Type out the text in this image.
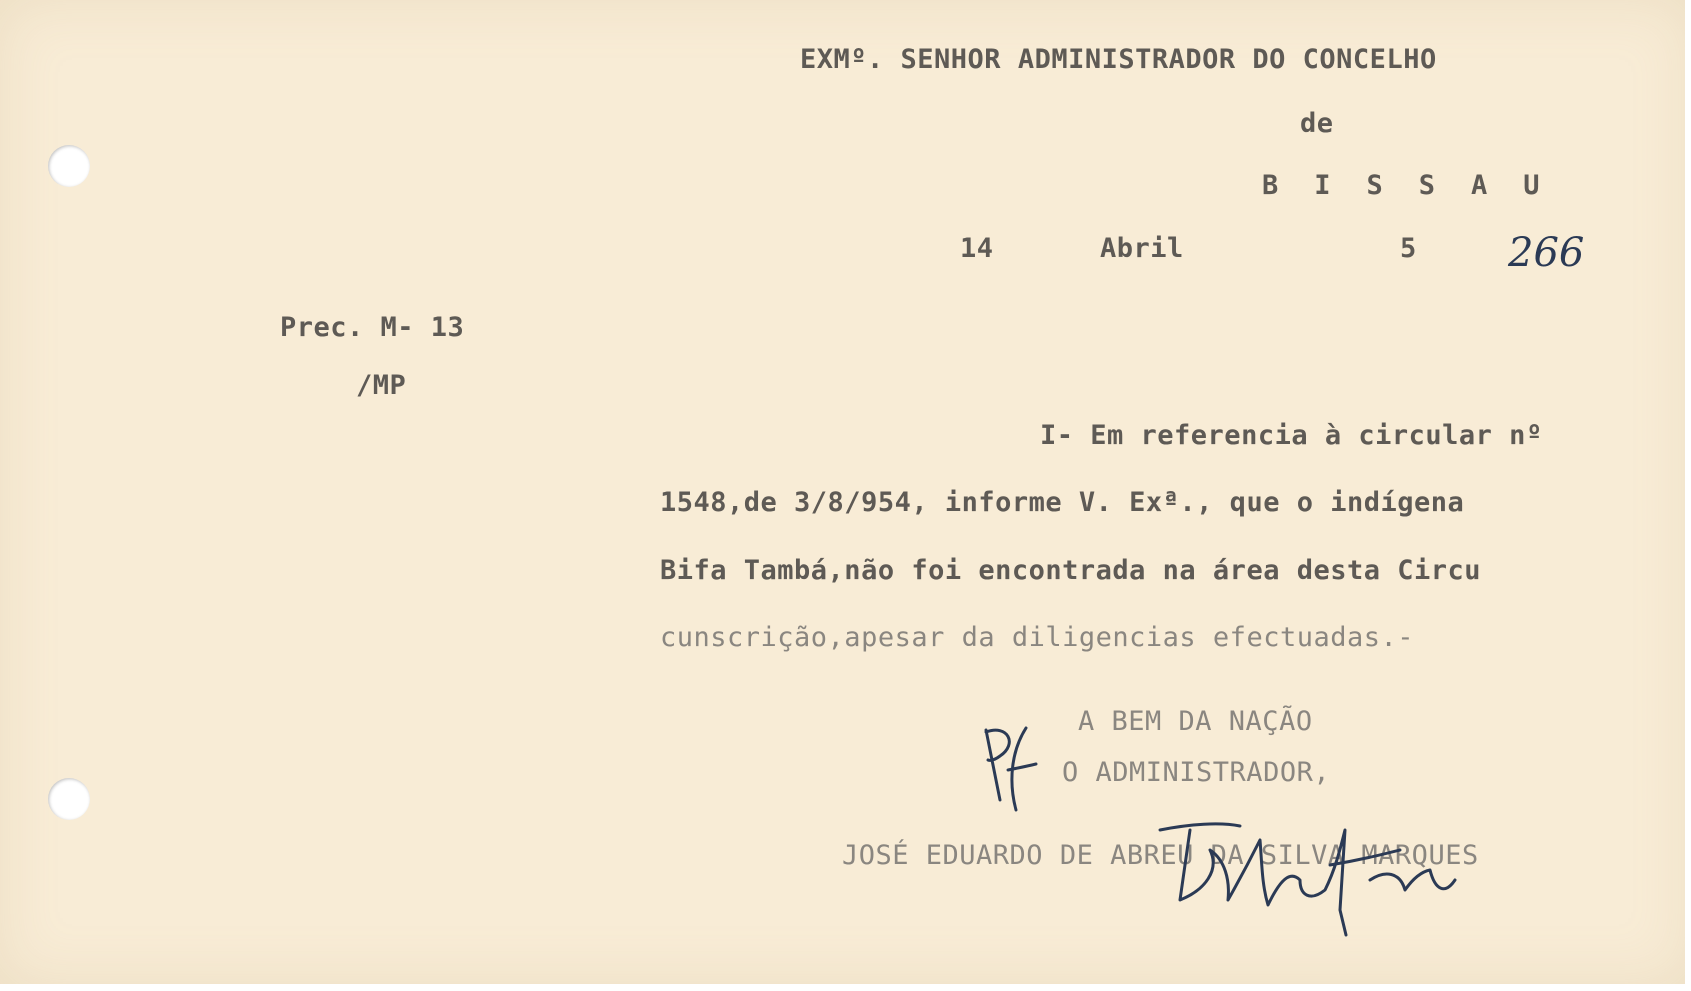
EXMº. SENHOR ADMINISTRADOR DO CONCELHO
de
BISSAU
14	Abril	5 266
Prec. M- 13
/MP
I- Em referencia à circular nº
1548,de 3/8/954, informe V. Exª., que o indígena
Bifa Tambá,não foi encontrada na área desta Circu
cunscrição,apesar da diligencias efectuadas.-
A BEM DA NAÇÃO
O ADMINISTRADOR,
JOSÉ EDUARDO DE ABREU DA SILVA MARQUES
